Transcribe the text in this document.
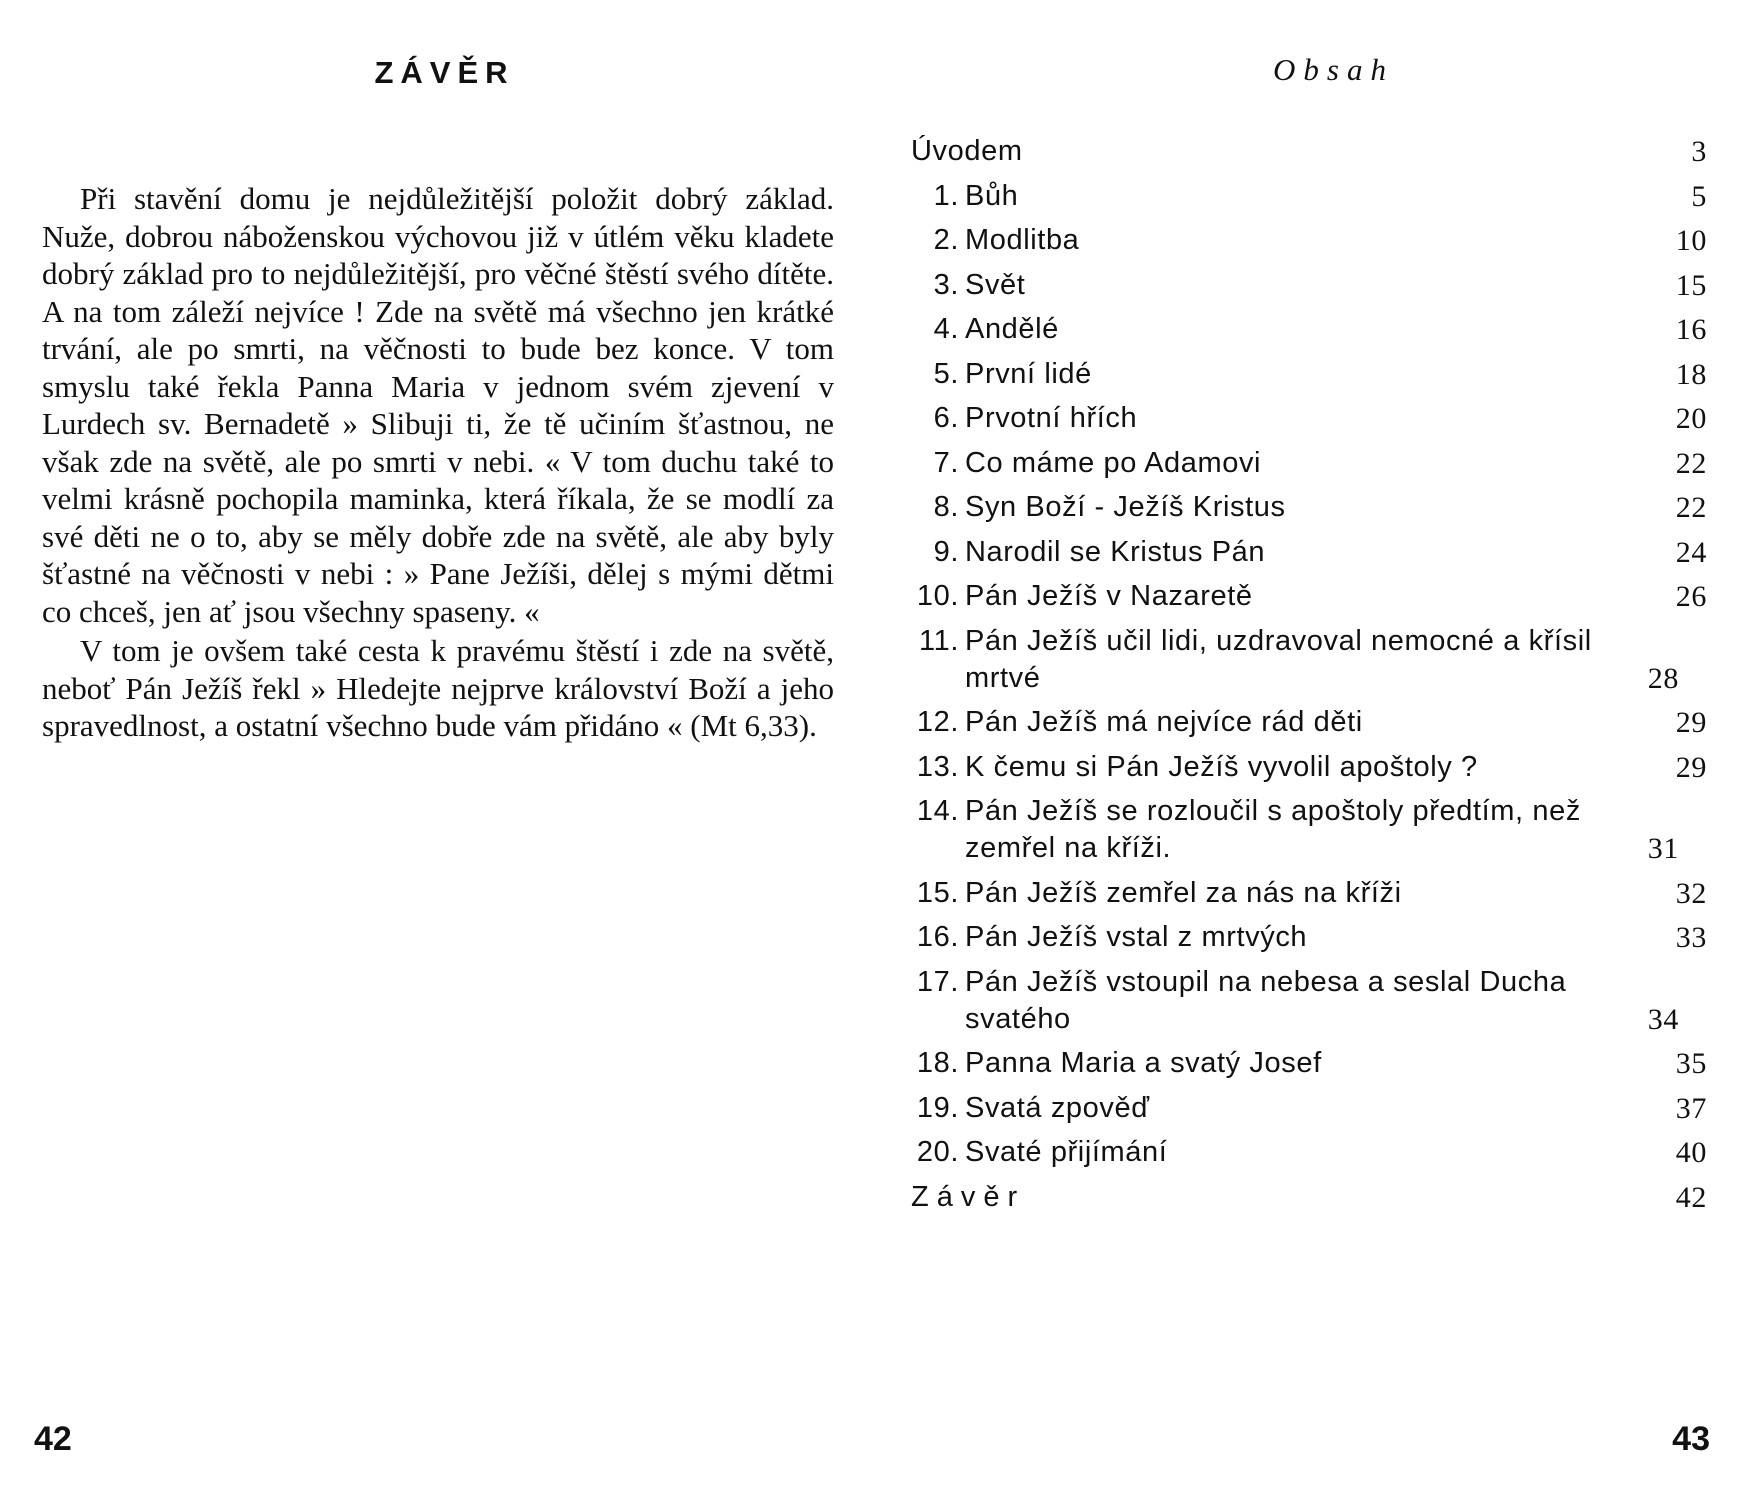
ZÁVĚR

Při stavění domu je nejdůležitější položit dobrý základ. Nuže, dobrou náboženskou výchovou již v útlém věku kladete dobrý základ pro to nejdůležitější, pro věčné štěstí svého dítěte. A na tom záleží nejvíce ! Zde na světě má všechno jen krátké trvání, ale po smrti, na věčnosti to bude bez konce. V tom smyslu také řekla Panna Maria v jednom svém zjevení v Lurdech sv. Bernadetě » Slibuji ti, že tě učiním šťastnou, ne však zde na světě, ale po smrti v nebi. « V tom duchu také to velmi krásně pochopila maminka, která říkala, že se modlí za své děti ne o to, aby se měly dobře zde na světě, ale aby byly šťastné na věčnosti v nebi : » Pane Ježíši, dělej s mými dětmi co chceš, jen ať jsou všechny spaseny. «

V tom je ovšem také cesta k pravému štěstí i zde na světě, neboť Pán Ježíš řekl » Hledejte nejprve království Boží a jeho spravedlnost, a ostatní všechno bude vám přidáno « (Mt 6,33).

42
Obsah
Úvodem	3
1. Bůh	5
2. Modlitba	10
3. Svět	15
4. Andělé	16
5. První lidé	18
6. Prvotní hřích	20
7. Co máme po Adamovi	22
8. Syn Boží - Ježíš Kristus	22
9. Narodil se Kristus Pán	24
10. Pán Ježíš v Nazaretě	26
11. Pán Ježíš učil lidi, uzdravoval nemocné a křísil mrtvé	28
12. Pán Ježíš má nejvíce rád děti	29
13. K čemu si Pán Ježíš vyvolil apoštoly ?	29
14. Pán Ježíš se rozloučil s apoštoly předtím, než zemřel na kříži.	31
15. Pán Ježíš zemřel za nás na kříži	32
16. Pán Ježíš vstal z mrtvých	33
17. Pán Ježíš vstoupil na nebesa a seslal Ducha svatého	34
18. Panna Maria a svatý Josef	35
19. Svatá zpověď	37
20. Svaté přijímání	40
Závěr	42
43
